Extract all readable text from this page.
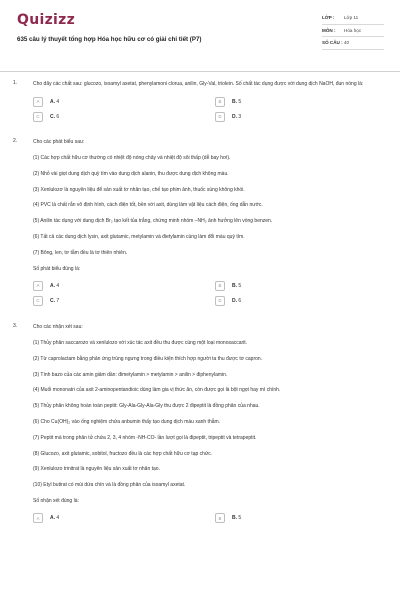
Quizizz
635 câu lý thuyết tổng hợp Hóa học hữu cơ có giải chi tiết (P7)
LỚP :	Lớp 11
MÔN :	Hóa học
SỐ CÂU : 40
1.	Cho dãy các chất sau: glucozo, isoamyl axetat, phenylamoni clorua, anilin, Gly-Val, triolein. Số chất tác dụng được với dung dịch NaOH, đun nóng là:
A	A. 4	B	B. 5
C	C. 6	D	D. 3
2.	Cho các phát biểu sau:
(1) Các hợp chất hữu cơ thường có nhiệt độ nóng chảy và nhiệt độ sôi thấp (dễ bay hơi).
(2) Nhỏ vài giọt dung dịch quỳ tím vào dung dịch alanin, thu được dung dịch không màu.
(3) Xenlulozơ là nguyên liệu để sản xuất tơ nhân tạo, chế tạo phim ảnh, thuốc súng không khói.
(4) PVC là chất rắn vô định hình, cách điện tốt, bền với axit, dùng làm vật liệu cách điện, ống dẫn nước.
(5) Anilin tác dụng với dung dịch Br₂ tạo kết tủa trắng, chứng minh nhóm –NH₂ ảnh hưởng lên vòng benzen.
(6) Tất cả các dung dịch lysin, axit glutamic, metylamin và đietylamin cùng làm đổi màu quỳ tím.
(7) Bông, len, tơ tằm đều là tơ thiên nhiên.
Số phát biểu đúng là:
A	A. 4	B	B. 5
C	C. 7	D	D. 6
3.	Cho các nhận xét sau:
(1) Thủy phân saccarozo và xenlulozo với xúc tác axit đều thu được cùng một loại monosaccarit.
(2) Từ caprolactam bằng phản ứng trùng ngưng trong điều kiện thích hợp người ta thu được tơ capron.
(3) Tính bazo của các amin giảm dần: đimetylamin > metylamin > anilin > điphenylamin.
(4) Muối mononatri của axit 2-aminopentandioic dùng làm gia vị thức ăn, còn được gọi là bột ngọt hay mì chính.
(5) Thủy phân không hoàn toàn peptit: Gly-Ala-Gly-Ala-Gly thu được 2 đipeptit là đồng phân của nhau.
(6) Cho Cu(OH)₂ vào ống nghiệm chứa anbumin thấy tạo dung dịch màu xanh thẫm.
(7) Peptit mà trong phân tử chứa 2, 3, 4 nhóm -NH-CO- lần lượt gọi là đipeptit, tripeptit và tetrapeptit.
(8) Glucozo, axit glutamic, sobitol, fructozo đều là các hợp chất hữu cơ tạp chức.
(9) Xenlulozo trinitrat là nguyên liệu sản xuất tơ nhân tạo.
(10) Etyl butirat có mùi dứa chín và là đồng phân của isoamyl axetat.
Số nhận xét đúng là:
A	A. 4	B	B. 5
